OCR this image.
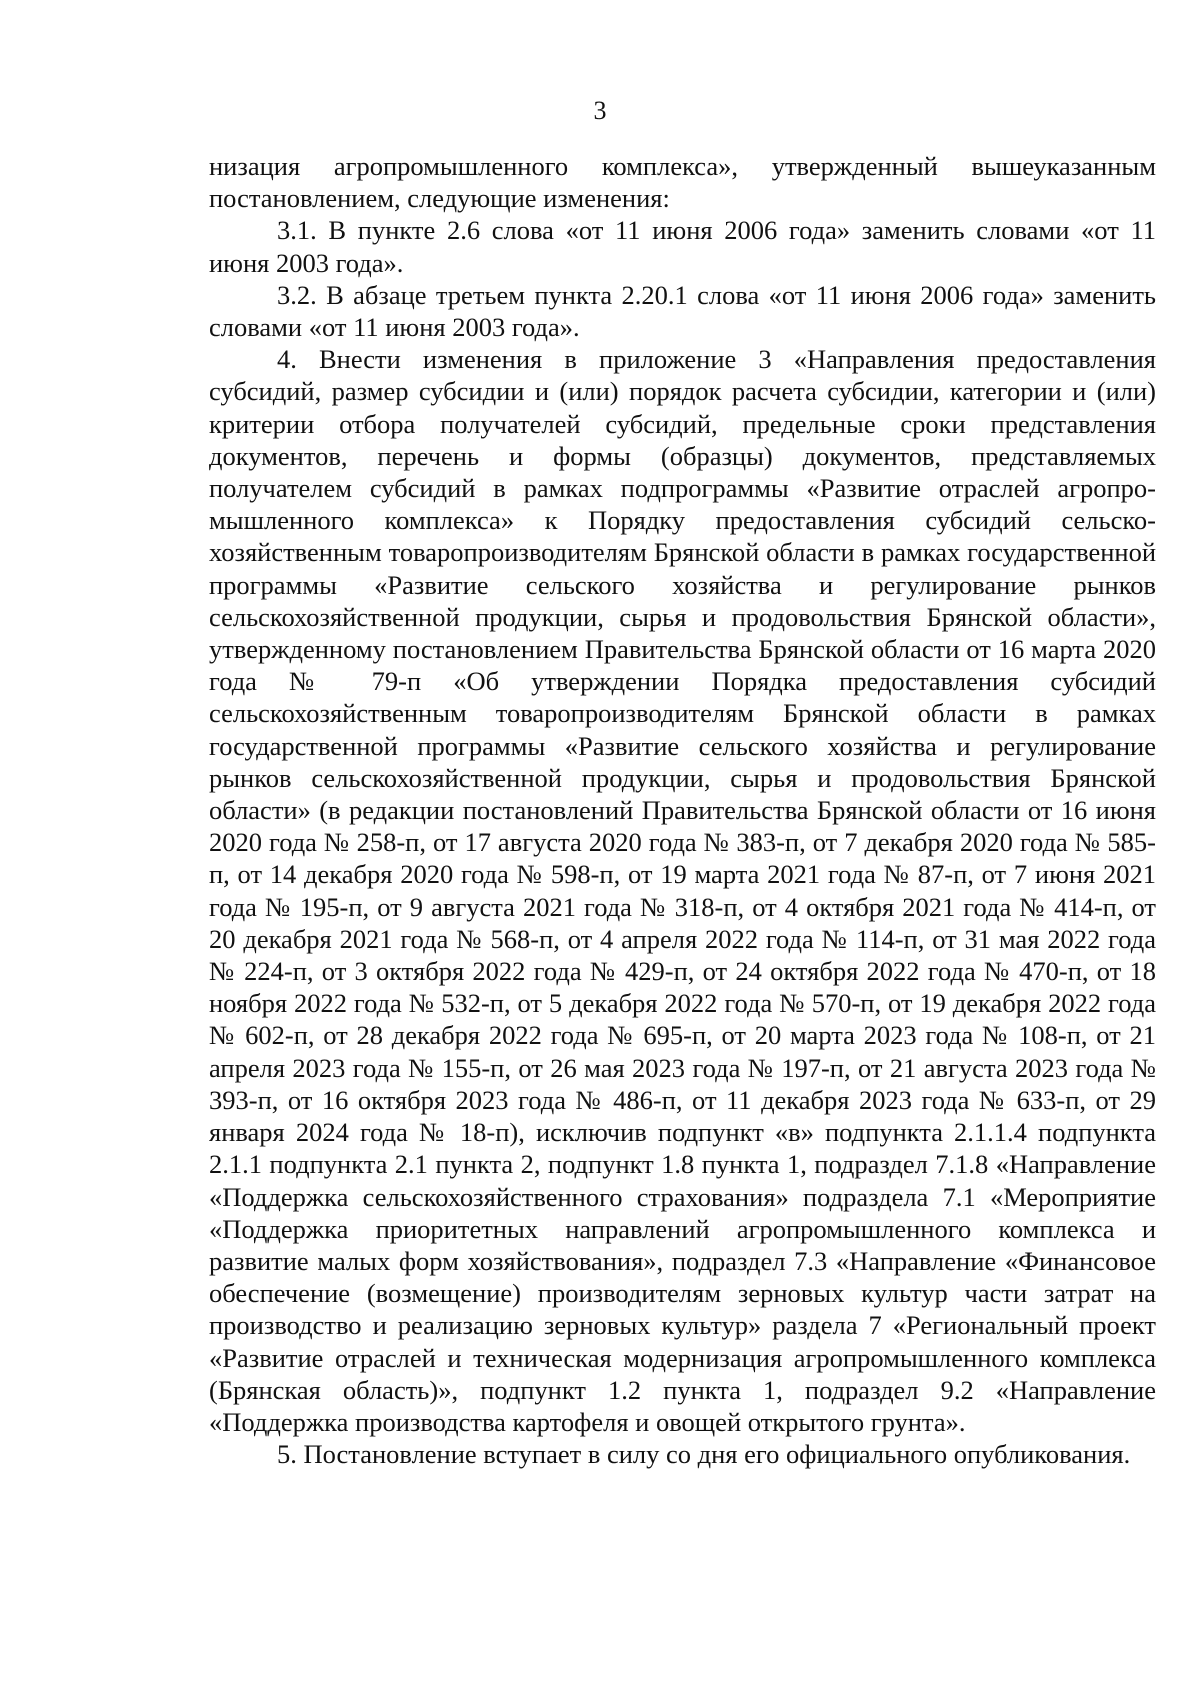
3

низация агропромышленного комплекса», утвержденный вышеуказанным постановлением, следующие изменения:

3.1. В пункте 2.6 слова «от 11 июня 2006 года» заменить словами «от 11 июня 2003 года».

3.2. В абзаце третьем пункта 2.20.1 слова «от 11 июня 2006 года» заменить словами «от 11 июня 2003 года».

4. Внести изменения в приложение 3 «Направления предоставления субсидий, размер субсидии и (или) порядок расчета субсидии, категории и (или) критерии отбора получателей субсидий, предельные сроки представления документов, перечень и формы (образцы) документов, представляемых получателем субсидий в рамках подпрограммы «Развитие отраслей агропромышленного комплекса» к Порядку предоставления субсидий сельскохозяйственным товаропроизводителям Брянской области в рамках государственной программы «Развитие сельского хозяйства и регулирование рынков сельскохозяйственной продукции, сырья и продовольствия Брянской области», утвержденному постановлением Правительства Брянской области от 16 марта 2020 года № 79-п «Об утверждении Порядка предоставления субсидий сельскохозяйственным товаропроизводителям Брянской области в рамках государственной программы «Развитие сельского хозяйства и регулирование рынков сельскохозяйственной продукции, сырья и продовольствия Брянской области» (в редакции постановлений Правительства Брянской области от 16 июня 2020 года № 258-п, от 17 августа 2020 года № 383-п, от 7 декабря 2020 года № 585-п, от 14 декабря 2020 года № 598-п, от 19 марта 2021 года № 87-п, от 7 июня 2021 года № 195-п, от 9 августа 2021 года № 318-п, от 4 октября 2021 года № 414-п, от 20 декабря 2021 года № 568-п, от 4 апреля 2022 года № 114-п, от 31 мая 2022 года № 224-п, от 3 октября 2022 года № 429-п, от 24 октября 2022 года № 470-п, от 18 ноября 2022 года № 532-п, от 5 декабря 2022 года № 570-п, от 19 декабря 2022 года № 602-п, от 28 декабря 2022 года № 695-п, от 20 марта 2023 года № 108-п, от 21 апреля 2023 года № 155-п, от 26 мая 2023 года № 197-п, от 21 августа 2023 года № 393-п, от 16 октября 2023 года № 486-п, от 11 декабря 2023 года № 633-п, от 29 января 2024 года № 18-п), исключив подпункт «в» подпункта 2.1.1.4 подпункта 2.1.1 подпункта 2.1 пункта 2, подпункт 1.8 пункта 1, подраздел 7.1.8 «Направление «Поддержка сельскохозяйственного страхования» подраздела 7.1 «Мероприятие «Поддержка приоритетных направлений агропромышленного комплекса и развитие малых форм хозяйствования», подраздел 7.3 «Направление «Финансовое обеспечение (возмещение) производителям зерновых культур части затрат на производство и реализацию зерновых культур» раздела 7 «Региональный проект «Развитие отраслей и техническая модернизация агропромышленного комплекса (Брянская область)», подпункт 1.2 пункта 1, подраздел 9.2 «Направление «Поддержка производства картофеля и овощей открытого грунта».

5. Постановление вступает в силу со дня его официального опубликования.
